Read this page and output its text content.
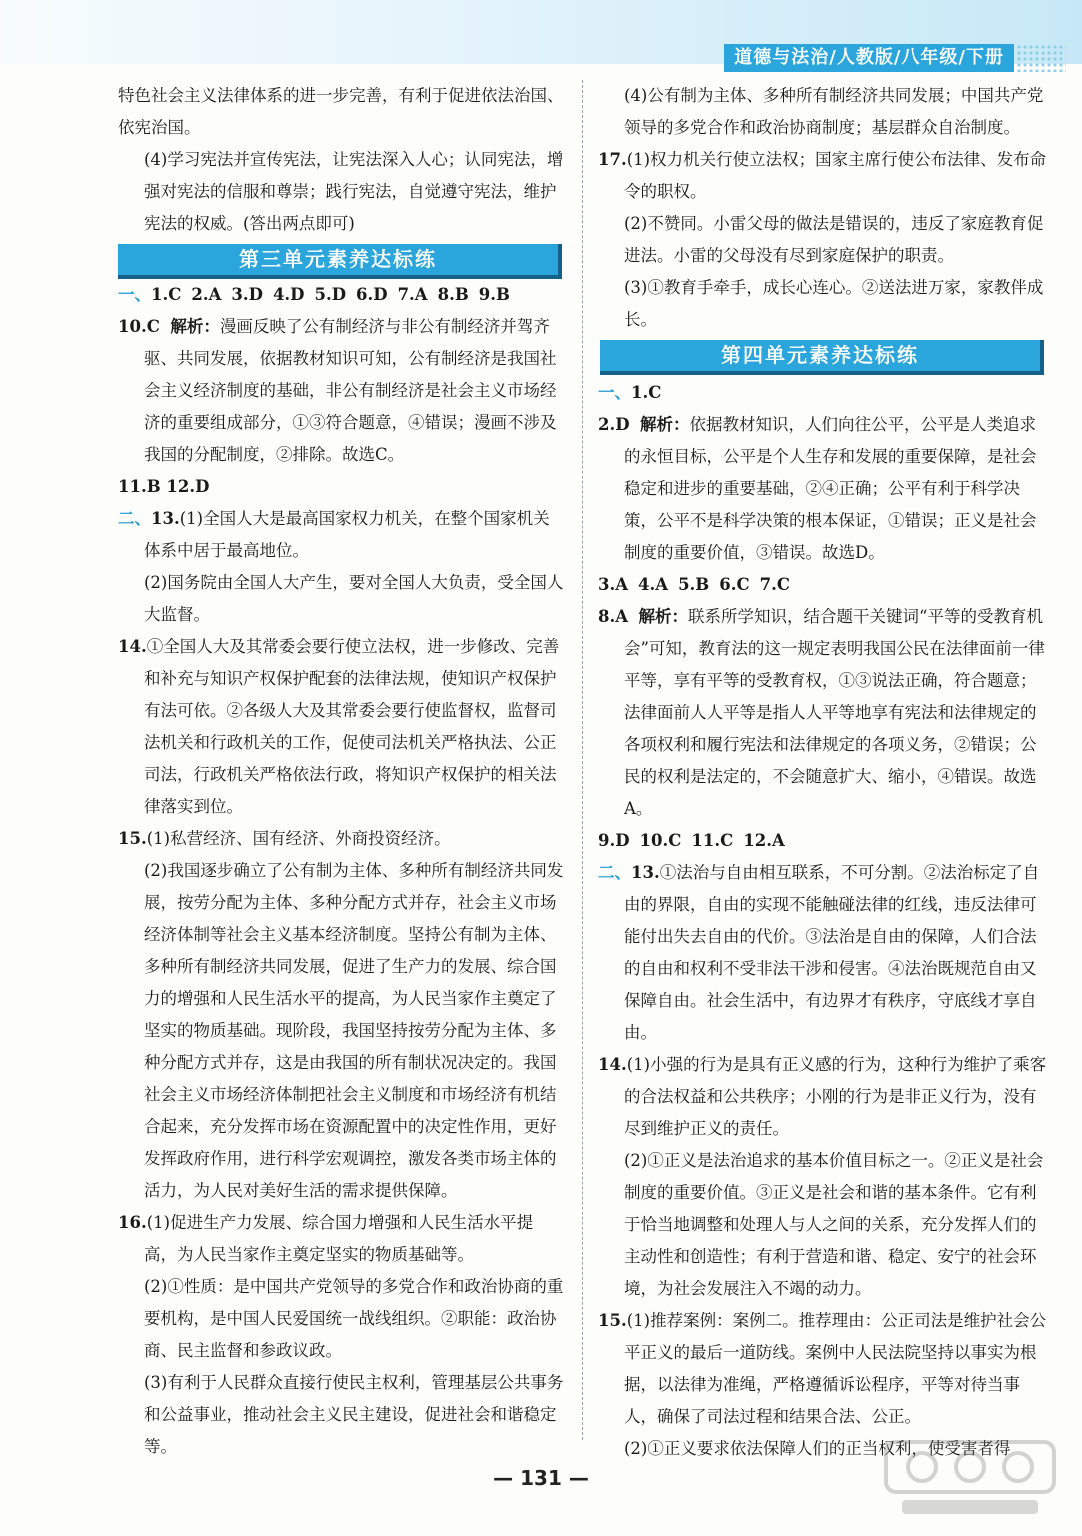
道德与法治/人教版/八年级/下册

特色社会主义法律体系的进一步完善，有利于促进依法治国、依宪治国。

(4)学习宪法并宣传宪法，让宪法深入人心；认同宪法，增强对宪法的信服和尊崇；践行宪法，自觉遵守宪法，维护宪法的权威。(答出两点即可)

第三单元素养达标练

一、1.C 2.A 3.D 4.D 5.D 6.D 7.A 8.B 9.B

10.C 解析：漫画反映了公有制经济与非公有制经济并驾齐驱、共同发展，依据教材知识可知，公有制经济是我国社会主义经济制度的基础，非公有制经济是社会主义市场经济的重要组成部分，①③符合题意，④错误；漫画不涉及我国的分配制度，②排除。故选C。

11.B 12.D

二、13.(1)全国人大是最高国家权力机关，在整个国家机关体系中居于最高地位。

(2)国务院由全国人大产生，要对全国人大负责，受全国人大监督。

14.①全国人大及其常委会要行使立法权，进一步修改、完善和补充与知识产权保护配套的法律法规，使知识产权保护有法可依。②各级人大及其常委会要行使监督权，监督司法机关和行政机关的工作，促使司法机关严格执法、公正司法，行政机关严格依法行政，将知识产权保护的相关法律落实到位。

15.(1)私营经济、国有经济、外商投资经济。

(2)我国逐步确立了公有制为主体、多种所有制经济共同发展，按劳分配为主体、多种分配方式并存，社会主义市场经济体制等社会主义基本经济制度。坚持公有制为主体、多种所有制经济共同发展，促进了生产力的发展、综合国力的增强和人民生活水平的提高，为人民当家作主奠定了坚实的物质基础。现阶段，我国坚持按劳分配为主体、多种分配方式并存，这是由我国的所有制状况决定的。我国社会主义市场经济体制把社会主义制度和市场经济有机结合起来，充分发挥市场在资源配置中的决定性作用，更好发挥政府作用，进行科学宏观调控，激发各类市场主体的活力，为人民对美好生活的需求提供保障。

16.(1)促进生产力发展、综合国力增强和人民生活水平提高，为人民当家作主奠定坚实的物质基础等。

(2)①性质：是中国共产党领导的多党合作和政治协商的重要机构，是中国人民爱国统一战线组织。②职能：政治协商、民主监督和参政议政。

(3)有利于人民群众直接行使民主权利，管理基层公共事务和公益事业，推动社会主义民主建设，促进社会和谐稳定等。

(4)公有制为主体、多种所有制经济共同发展；中国共产党领导的多党合作和政治协商制度；基层群众自治制度。

17.(1)权力机关行使立法权；国家主席行使公布法律、发布命令的职权。

(2)不赞同。小雷父母的做法是错误的，违反了家庭教育促进法。小雷的父母没有尽到家庭保护的职责。

(3)①教育手牵手，成长心连心。②送法进万家，家教伴成长。

第四单元素养达标练

一、1.C

2.D 解析：依据教材知识，人们向往公平，公平是人类追求的永恒目标，公平是个人生存和发展的重要保障，是社会稳定和进步的重要基础，②④正确；公平有利于科学决策，公平不是科学决策的根本保证，①错误；正义是社会制度的重要价值，③错误。故选D。

3.A 4.A 5.B 6.C 7.C

8.A 解析：联系所学知识，结合题干关键词“平等的受教育机会”可知，教育法的这一规定表明我国公民在法律面前一律平等，享有平等的受教育权，①③说法正确，符合题意；法律面前人人平等是指人人平等地享有宪法和法律规定的各项权利和履行宪法和法律规定的各项义务，②错误；公民的权利是法定的，不会随意扩大、缩小，④错误。故选A。

9.D 10.C 11.C 12.A

二、13.①法治与自由相互联系，不可分割。②法治标定了自由的界限，自由的实现不能触碰法律的红线，违反法律可能付出失去自由的代价。③法治是自由的保障，人们合法的自由和权利不受非法干涉和侵害。④法治既规范自由又保障自由。社会生活中，有边界才有秩序，守底线才享自由。

14.(1)小强的行为是具有正义感的行为，这种行为维护了乘客的合法权益和公共秩序；小刚的行为是非正义行为，没有尽到维护正义的责任。

(2)①正义是法治追求的基本价值目标之一。②正义是社会制度的重要价值。③正义是社会和谐的基本条件。它有利于恰当地调整和处理人与人之间的关系，充分发挥人们的主动性和创造性；有利于营造和谐、稳定、安宁的社会环境，为社会发展注入不竭的动力。

15.(1)推荐案例：案例二。推荐理由：公正司法是维护社会公平正义的最后一道防线。案例中人民法院坚持以事实为根据，以法律为准绳，严格遵循诉讼程序，平等对待当事人，确保了司法过程和结果合法、公正。

(2)①正义要求依法保障人们的正当权利，使受害者得

— 131 —
